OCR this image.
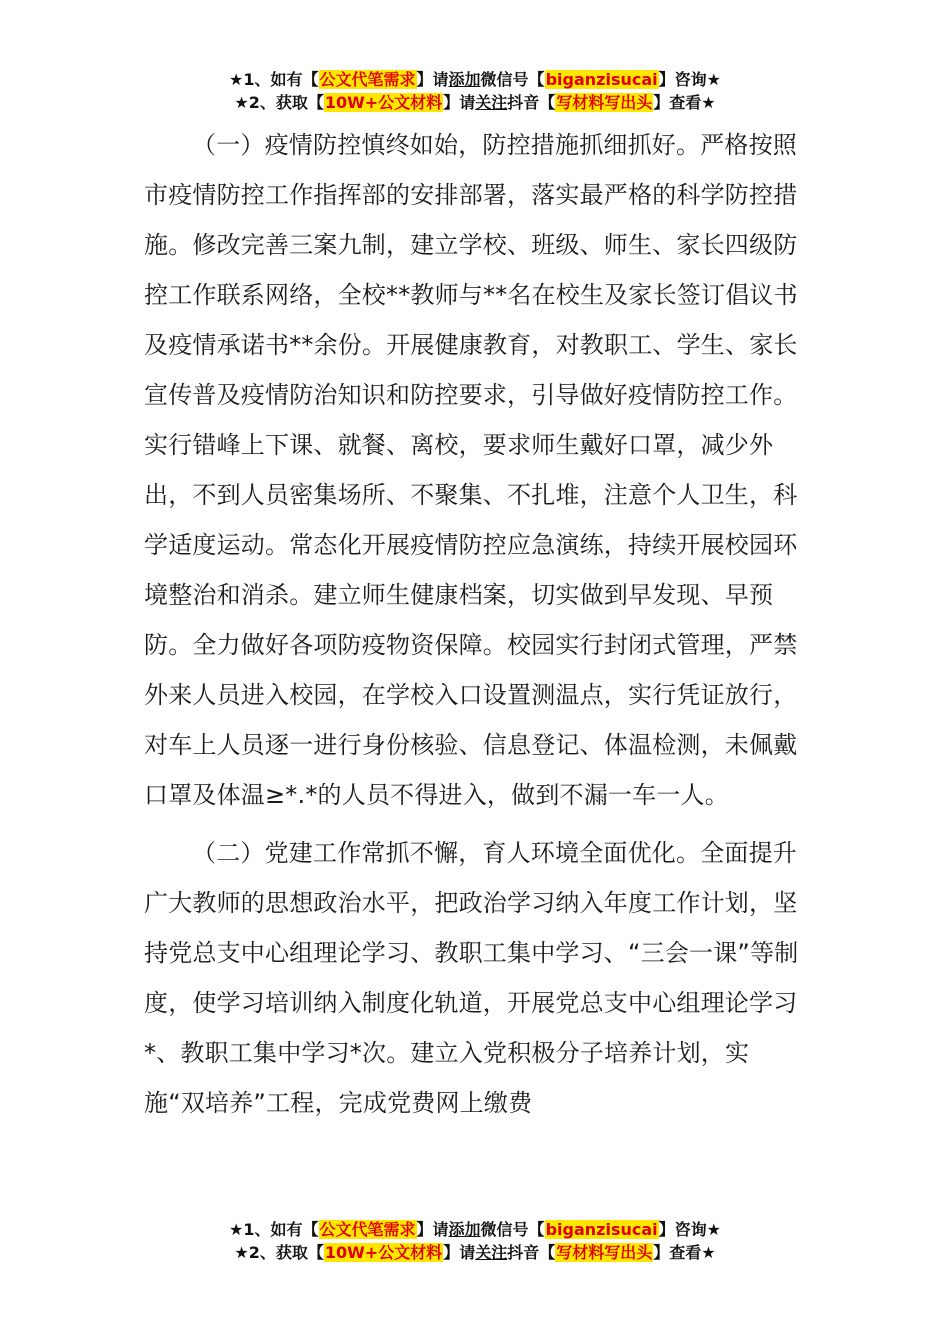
★1、如有【公文代笔需求】请添加微信号【biganzisucai】咨询★
★2、获取【10W+公文材料】请关注抖音【写材料写出头】查看★

（一）疫情防控慎终如始，防控措施抓细抓好。严格按照市疫情防控工作指挥部的安排部署，落实最严格的科学防控措施。修改完善三案九制，建立学校、班级、师生、家长四级防控工作联系网络，全校**教师与**名在校生及家长签订倡议书及疫情承诺书**余份。开展健康教育，对教职工、学生、家长宣传普及疫情防治知识和防控要求，引导做好疫情防控工作。实行错峰上下课、就餐、离校，要求师生戴好口罩，减少外出，不到人员密集场所、不聚集、不扎堆，注意个人卫生，科学适度运动。常态化开展疫情防控应急演练，持续开展校园环境整治和消杀。建立师生健康档案，切实做到早发现、早预防。全力做好各项防疫物资保障。校园实行封闭式管理，严禁外来人员进入校园，在学校入口设置测温点，实行凭证放行，对车上人员逐一进行身份核验、信息登记、体温检测，未佩戴口罩及体温≥*.*的人员不得进入，做到不漏一车一人。

（二）党建工作常抓不懈，育人环境全面优化。全面提升广大教师的思想政治水平，把政治学习纳入年度工作计划，坚持党总支中心组理论学习、教职工集中学习、“三会一课”等制度，使学习培训纳入制度化轨道，开展党总支中心组理论学习*、教职工集中学习*次。建立入党积极分子培养计划，实施“双培养”工程，完成党费网上缴费

★1、如有【公文代笔需求】请添加微信号【biganzisucai】咨询★
★2、获取【10W+公文材料】请关注抖音【写材料写出头】查看★
